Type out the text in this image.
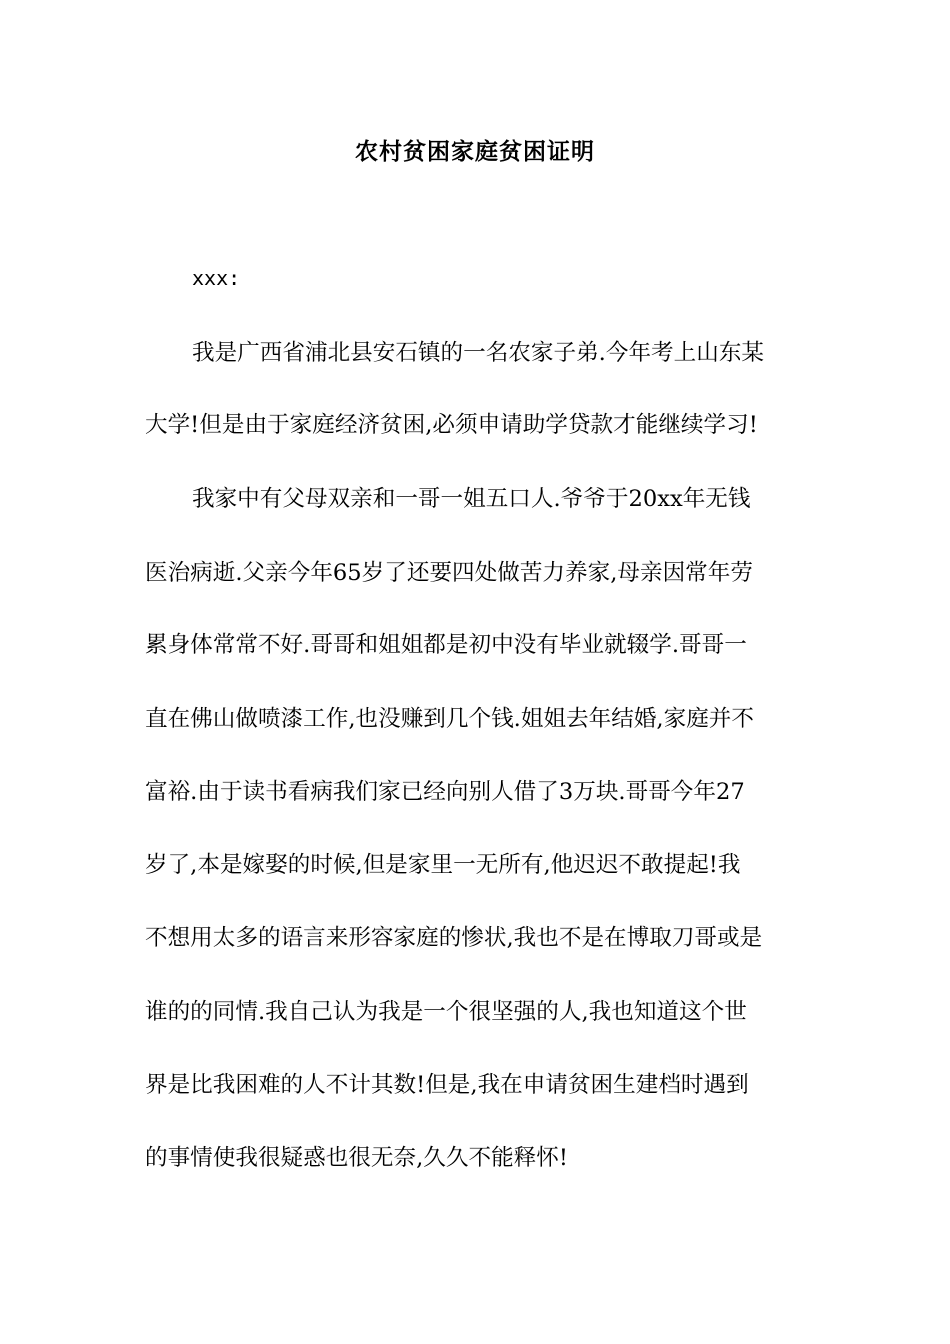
农村贫困家庭贫困证明
xxx:
我是广西省浦北县安石镇的一名农家子弟.今年考上山东某
大学!但是由于家庭经济贫困,必须申请助学贷款才能继续学习!
我家中有父母双亲和一哥一姐五口人.爷爷于20xx年无钱
医治病逝.父亲今年65岁了还要四处做苦力养家,母亲因常年劳
累身体常常不好.哥哥和姐姐都是初中没有毕业就辍学.哥哥一
直在佛山做喷漆工作,也没赚到几个钱.姐姐去年结婚,家庭并不
富裕.由于读书看病我们家已经向别人借了3万块.哥哥今年27
岁了,本是嫁娶的时候,但是家里一无所有,他迟迟不敢提起!我
不想用太多的语言来形容家庭的惨状,我也不是在博取刀哥或是
谁的的同情.我自己认为我是一个很坚强的人,我也知道这个世
界是比我困难的人不计其数!但是,我在申请贫困生建档时遇到
的事情使我很疑惑也很无奈,久久不能释怀!
